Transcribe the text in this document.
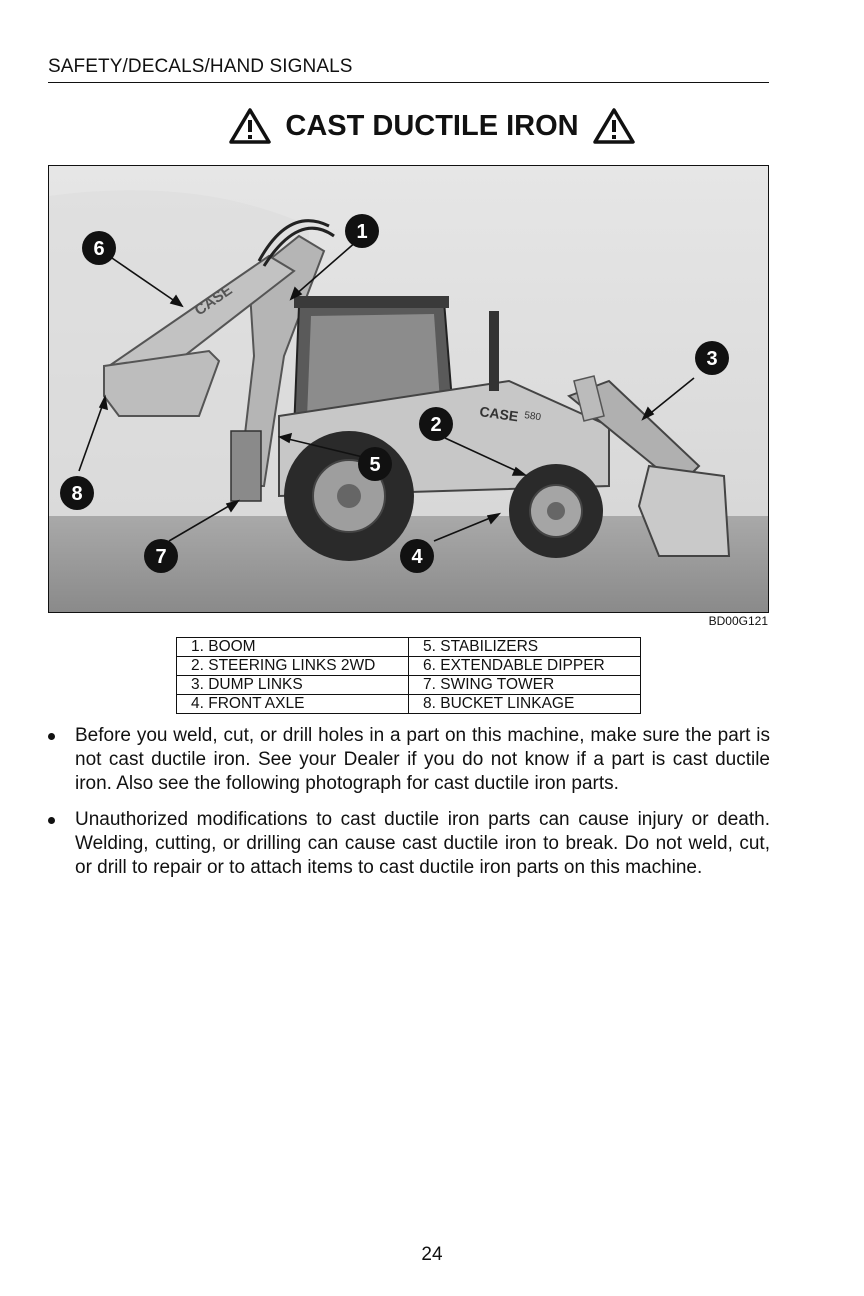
SAFETY/DECALS/HAND SIGNALS
CAST DUCTILE IRON
CASE
CASE 580
6
1
3
2
5
8
7	4
BD00G121
1. BOOM	5. STABILIZERS
2. STEERING LINKS 2WD	6. EXTENDABLE DIPPER
3. DUMP LINKS	7. SWING TOWER
4. FRONT AXLE	8. BUCKET LINKAGE
Before you weld, cut, or drill holes in a part on this machine, make sure the part is not cast ductile iron. See your Dealer if you do not know if a part is cast ductile iron. Also see the following photograph for cast ductile iron parts.
Unauthorized modifications to cast ductile iron parts can cause injury or death. Welding, cutting, or drilling can cause cast ductile iron to break. Do not weld, cut, or drill to repair or to attach items to cast ductile iron parts on this machine.
24
